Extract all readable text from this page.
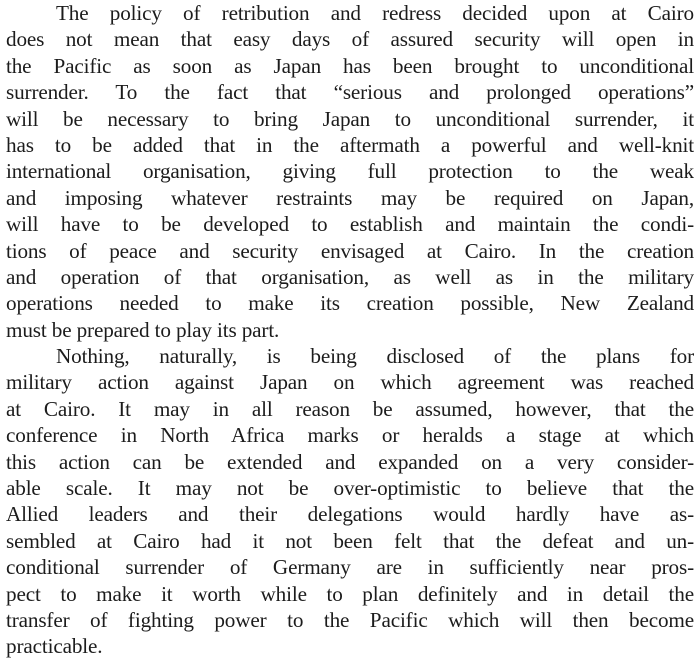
The policy of retribution and redress decided upon at Cairo
does not mean that easy days of assured security will open in
the Pacific as soon as Japan has been brought to unconditional
surrender. To the fact that “serious and prolonged operations”
will be necessary to bring Japan to unconditional surrender, it
has to be added that in the aftermath a powerful and well-knit
international organisation, giving full protection to the weak
and imposing whatever restraints may be required on Japan,
will have to be developed to establish and maintain the condi-
tions of peace and security envisaged at Cairo. In the creation
and operation of that organisation, as well as in the military
operations needed to make its creation possible, New Zealand
must be prepared to play its part.
Nothing, naturally, is being disclosed of the plans for
military action against Japan on which agreement was reached
at Cairo. It may in all reason be assumed, however, that the
conference in North Africa marks or heralds a stage at which
this action can be extended and expanded on a very consider-
able scale. It may not be over-optimistic to believe that the
Allied leaders and their delegations would hardly have as-
sembled at Cairo had it not been felt that the defeat and un-
conditional surrender of Germany are in sufficiently near pros-
pect to make it worth while to plan definitely and in detail the
transfer of fighting power to the Pacific which will then become
practicable.
